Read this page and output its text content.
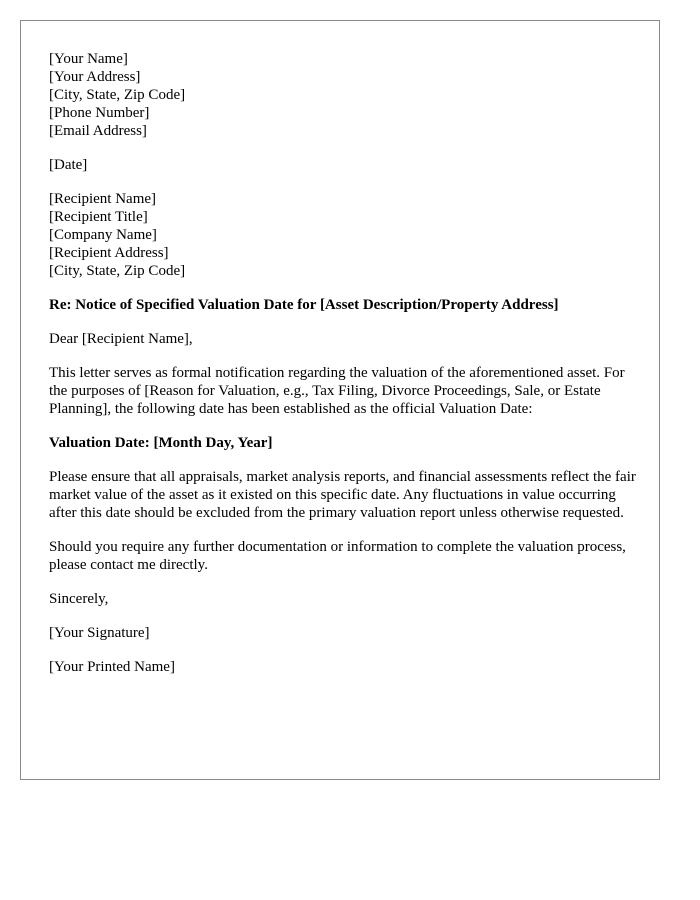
[Your Name]
[Your Address]
[City, State, Zip Code]
[Phone Number]
[Email Address]
[Date]
[Recipient Name]
[Recipient Title]
[Company Name]
[Recipient Address]
[City, State, Zip Code]

Re: Notice of Specified Valuation Date for [Asset Description/Property Address]

Dear [Recipient Name],

This letter serves as formal notification regarding the valuation of the aforementioned asset. For the purposes of [Reason for Valuation, e.g., Tax Filing, Divorce Proceedings, Sale, or Estate Planning], the following date has been established as the official Valuation Date:

Valuation Date: [Month Day, Year]

Please ensure that all appraisals, market analysis reports, and financial assessments reflect the fair market value of the asset as it existed on this specific date. Any fluctuations in value occurring after this date should be excluded from the primary valuation report unless otherwise requested.

Should you require any further documentation or information to complete the valuation process, please contact me directly.

Sincerely,

[Your Signature]

[Your Printed Name]
